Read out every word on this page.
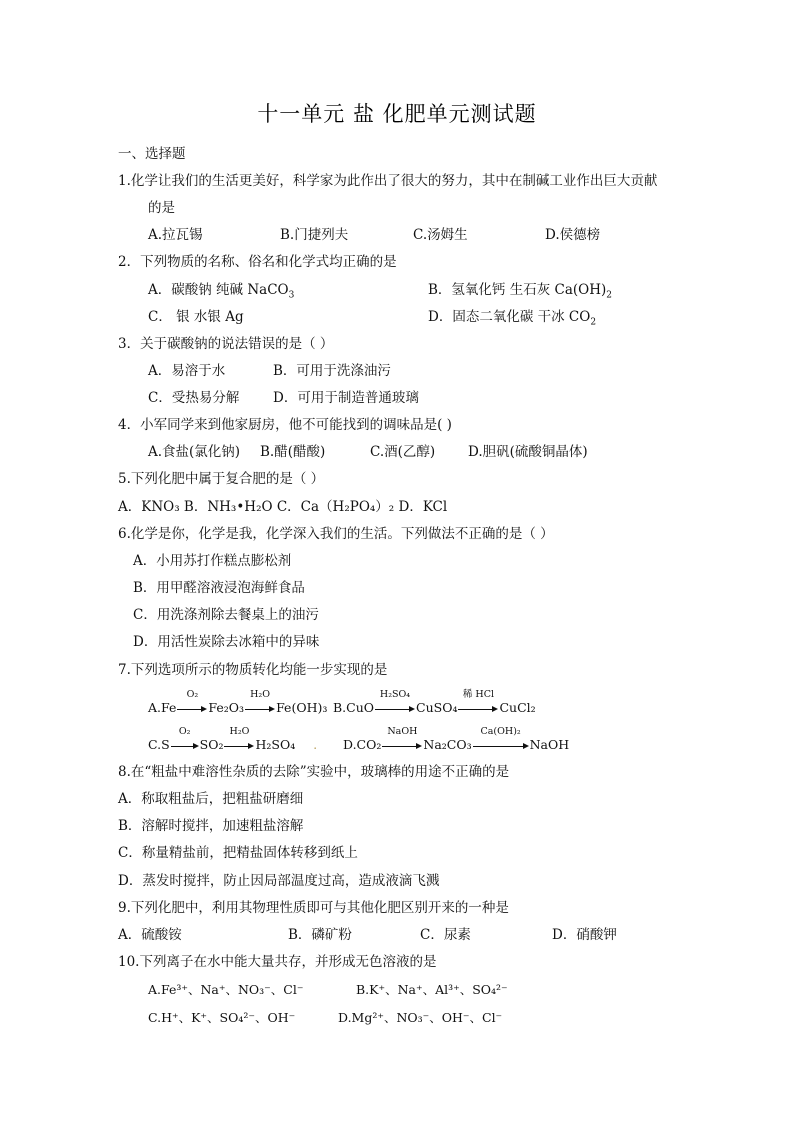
十一单元 盐 化肥单元测试题
一、选择题
1.化学让我们的生活更美好，科学家为此作出了很大的努力，其中在制碱工业作出巨大贡献
的是
A.拉瓦锡	B.门捷列夫	C.汤姆生	D.侯德榜
2．下列物质的名称、俗名和化学式均正确的是
A．碳酸钠 纯碱 NaCO$_3$	B．氢氧化钙 生石灰 $Ca(OH)_2$
C． 银 水银 Ag	D．固态二氧化碳 干冰 $CO_2$
3．关于碳酸钠的说法错误的是（ ）
A．易溶于水	B．可用于洗涤油污
C．受热易分解 D．可用于制造普通玻璃
4．小军同学来到他家厨房，他不可能找到的调味品是( )
A.食盐(氯化钠) B.醋(醋酸)	C.酒(乙醇) D.胆矾(硫酸铜晶体)
5.下列化肥中属于复合肥的是（ ）
A．KNO₃ B．NH₃•H₂O C．Ca（H₂PO₄）₂ D．KCl
6.化学是你，化学是我，化学深入我们的生活。下列做法不正确的是（ ）
A．小用苏打作糕点膨松剂
B．用甲醛溶液浸泡海鲜食品
C．用洗涤剂除去餐桌上的油污
D．用活性炭除去冰箱中的异味
7.下列选项所示的物质转化均能一步实现的是
A.Fe
O₂
Fe₂O₃
H₂O
Fe(OH)₃ B.CuO
H₂SO₄
CuSO₄
稀 HCl
CuCl₂
C.S
O₂
SO₂
H₂O
H₂SO₄ . D.CO₂
NaOH
Na₂CO₃
Ca(OH)₂
NaOH
8.在“粗盐中难溶性杂质的去除”实验中，玻璃棒的用途不正确的是
A．称取粗盐后，把粗盐研磨细
B．溶解时搅拌，加速粗盐溶解
C．称量精盐前，把精盐固体转移到纸上
D．蒸发时搅拌，防止因局部温度过高，造成液滴飞溅
9.下列化肥中，利用其物理性质即可与其他化肥区别开来的一种是
A．硫酸铵	B．磷矿粉	C．尿素	D．硝酸钾
10.下列离子在水中能大量共存，并形成无色溶液的是
A.Fe³⁺、Na⁺、NO₃⁻、Cl⁻	B.K⁺、Na⁺、Al³⁺、SO₄²⁻
C.H⁺、K⁺、SO₄²⁻、OH⁻	D.Mg²⁺、NO₃⁻、OH⁻、Cl⁻
